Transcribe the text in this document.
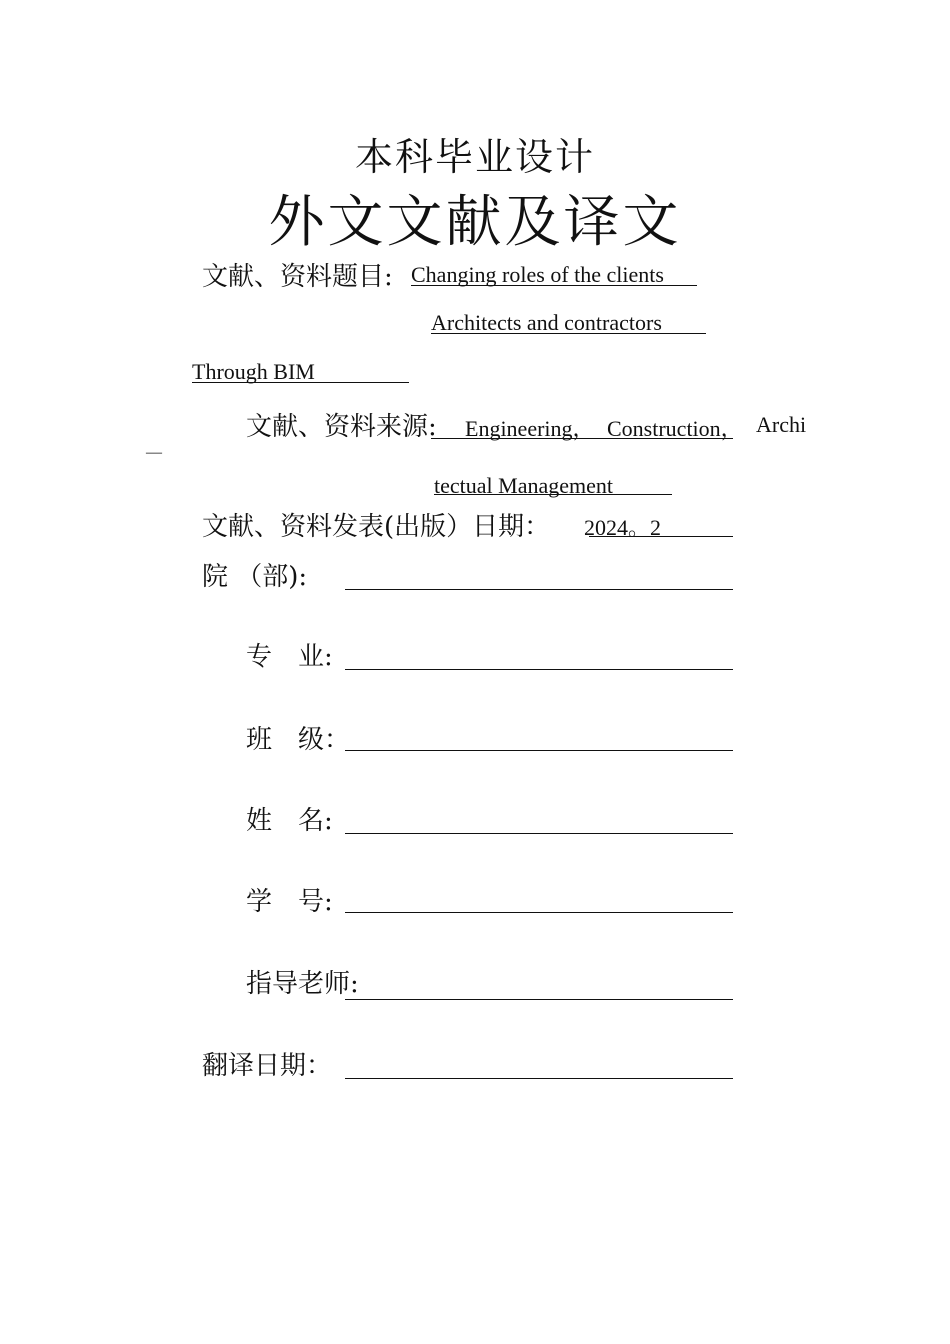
本科毕业设计
外文文献及译文
文献、资料题目: Changing roles of the clients
Architects and contractors
Through BIM
文献、资料来源: Engineering， Construction， Archi
—
tectual Management
文献、资料发表(出版）日期： 2024。2
院 （部):
专　业:
班　级：
姓　名:
学　号:
指导老师:
翻译日期：
